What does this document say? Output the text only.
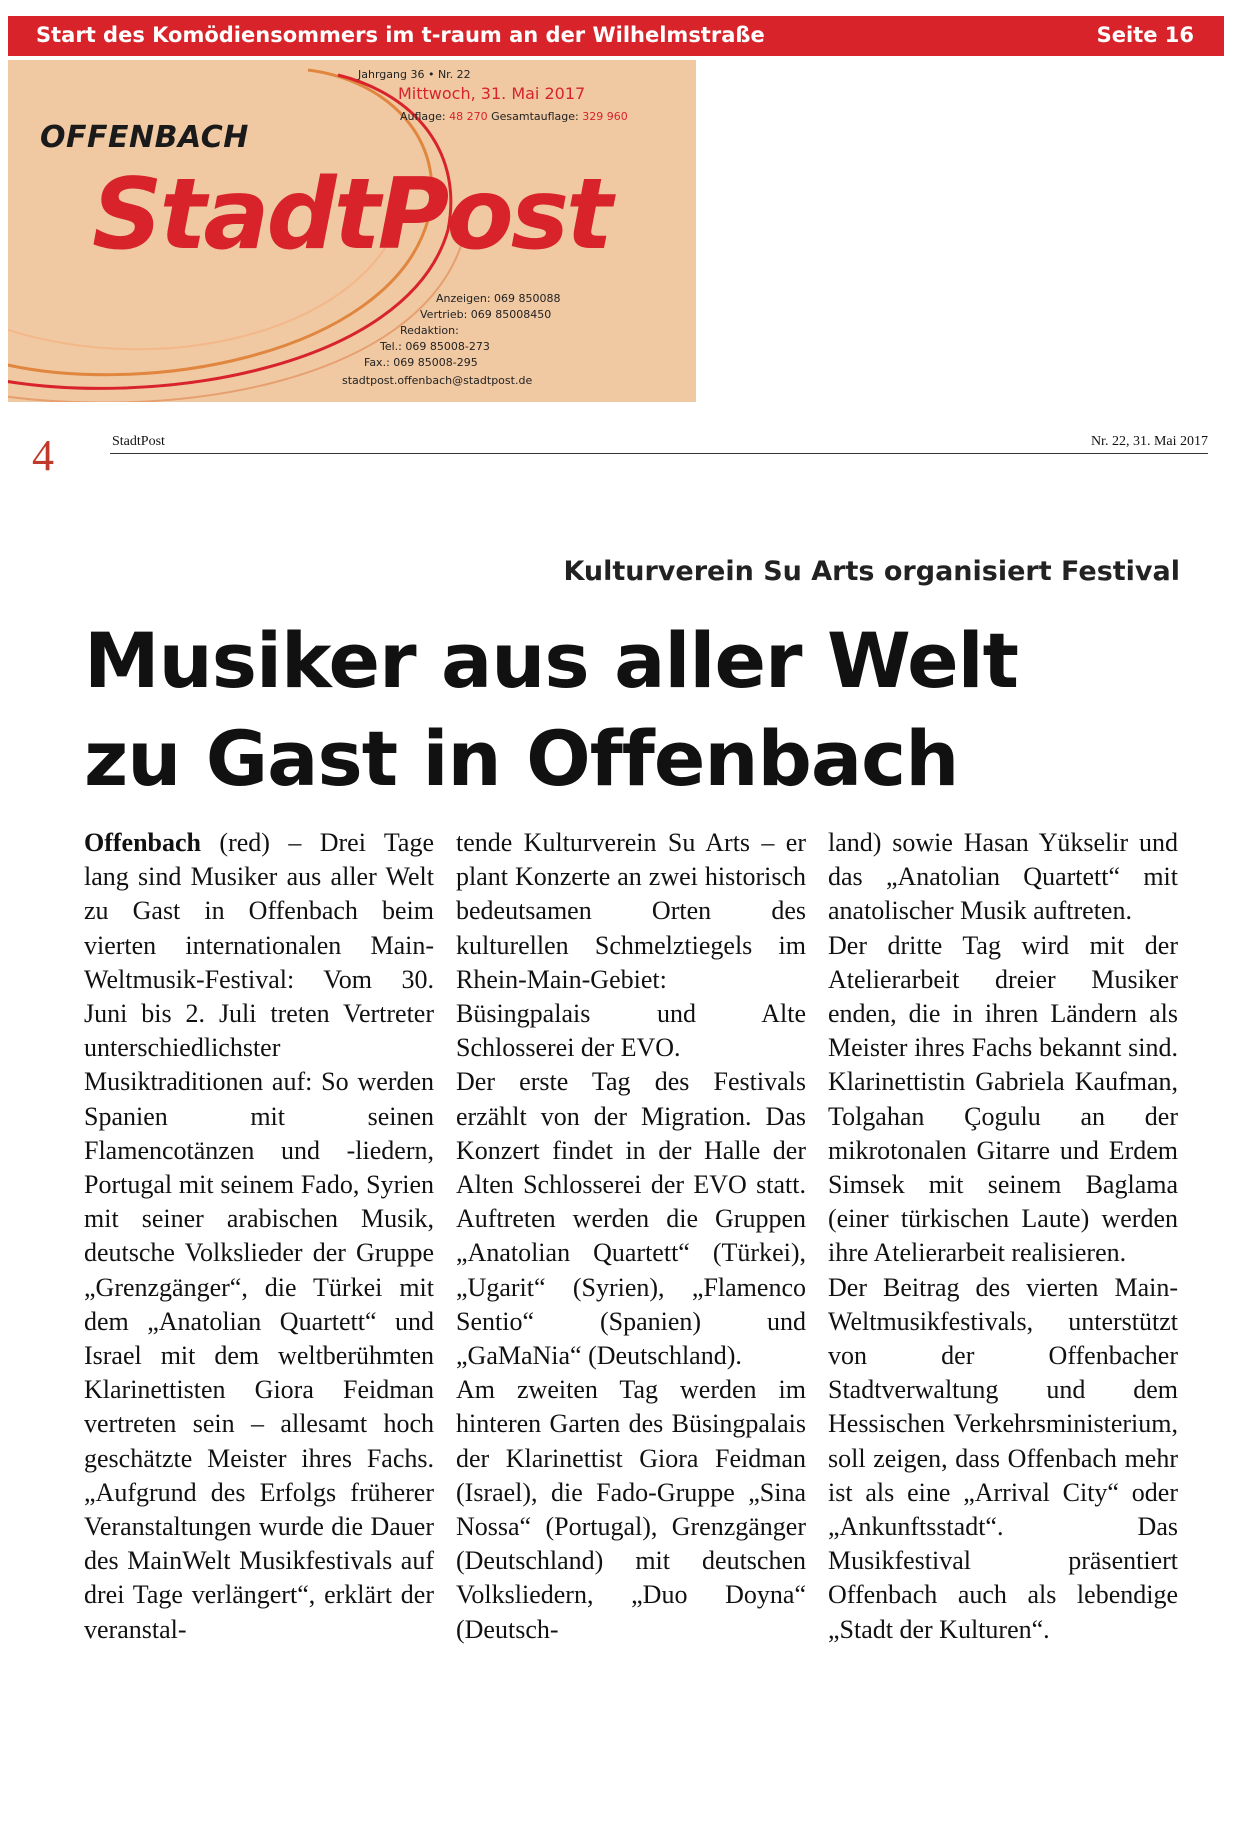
Start des Komödiensommers im t-raum an der Wilhelmstraße	Seite 16
Jahrgang 36 • Nr. 22
Mittwoch, 31. Mai 2017
Auflage: 48 270 Gesamtauflage: 329 960
OFFENBACH
StadtPost
Anzeigen: 069 850088
Vertrieb: 069 85008450
Redaktion:
Tel.: 069 85008-273
Fax.: 069 85008-295
stadtpost.offenbach@stadtpost.de
4	StadtPost	Nr. 22, 31. Mai 2017
Kulturverein Su Arts organisiert Festival
Musiker aus aller Welt
zu Gast in Offenbach

Offenbach (red) – Drei Tage lang sind Musiker aus aller Welt zu Gast in Offenbach beim vierten internationalen Main-Weltmusik-Festival: Vom 30. Juni bis 2. Juli treten Vertreter unterschiedlichster Musiktraditionen auf: So werden Spanien mit seinen Flamencotänzen und -liedern, Portugal mit seinem Fado, Syrien mit seiner arabischen Musik, deutsche Volkslieder der Gruppe „Grenzgänger“, die Türkei mit dem „Anatolian Quartett“ und Israel mit dem weltberühmten Klarinettisten Giora Feidman vertreten sein – allesamt hoch geschätzte Meister ihres Fachs. „Aufgrund des Erfolgs früherer Veranstaltungen wurde die Dauer des MainWelt Musikfestivals auf drei Tage verlängert“, erklärt der veranstal-

tende Kulturverein Su Arts – er plant Konzerte an zwei historisch bedeutsamen Orten des kulturellen Schmelztiegels im Rhein-Main-Gebiet: Büsingpalais und Alte Schlosserei der EVO.

Der erste Tag des Festivals erzählt von der Migration. Das Konzert findet in der Halle der Alten Schlosserei der EVO statt. Auftreten werden die Gruppen „Anatolian Quartett“ (Türkei), „Ugarit“ (Syrien), „Flamenco Sentio“ (Spanien) und „GaMaNia“ (Deutschland).

Am zweiten Tag werden im hinteren Garten des Büsingpalais der Klarinettist Giora Feidman (Israel), die Fado-Gruppe „Sina Nossa“ (Portugal), Grenzgänger (Deutschland) mit deutschen Volksliedern, „Duo Doyna“ (Deutsch-

land) sowie Hasan Yükselir und das „Anatolian Quartett“ mit anatolischer Musik auftreten.

Der dritte Tag wird mit der Atelierarbeit dreier Musiker enden, die in ihren Ländern als Meister ihres Fachs bekannt sind. Klarinettistin Gabriela Kaufman, Tolgahan Çogulu an der mikrotonalen Gitarre und Erdem Simsek mit seinem Baglama (einer türkischen Laute) werden ihre Atelierarbeit realisieren.

Der Beitrag des vierten Main-Weltmusikfestivals, unterstützt von der Offenbacher Stadtverwaltung und dem Hessischen Verkehrsministerium, soll zeigen, dass Offenbach mehr ist als eine „Arrival City“ oder „Ankunftsstadt“. Das Musikfestival präsentiert Offenbach auch als lebendige „Stadt der Kulturen“.
